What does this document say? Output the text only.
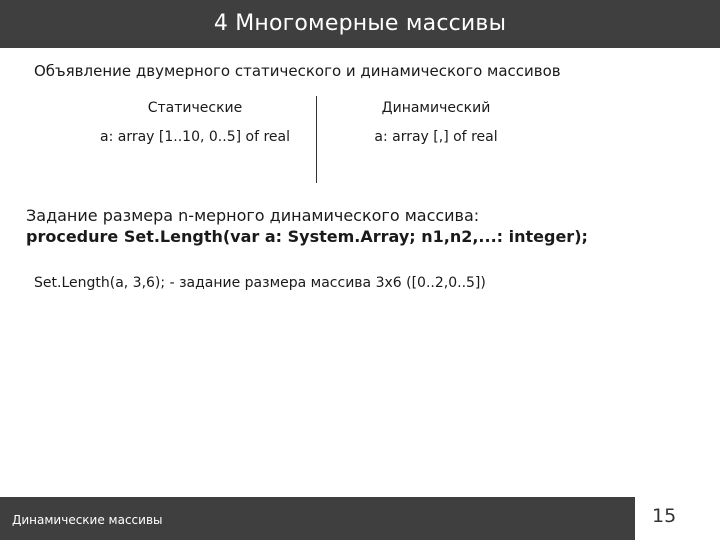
4 Многомерные массивы
Объявление двумерного статического и динамического массивов
Статические
a: array [1..10, 0..5] of real
Динамический
a: array [,] of real
Задание размера n-мерного динамического массива:
procedure Set.Length(var a: System.Array; n1,n2,...: integer);
Set.Length(a, 3,6); - задание размера массива 3х6 ([0..2,0..5])
Динамические массивы	15
